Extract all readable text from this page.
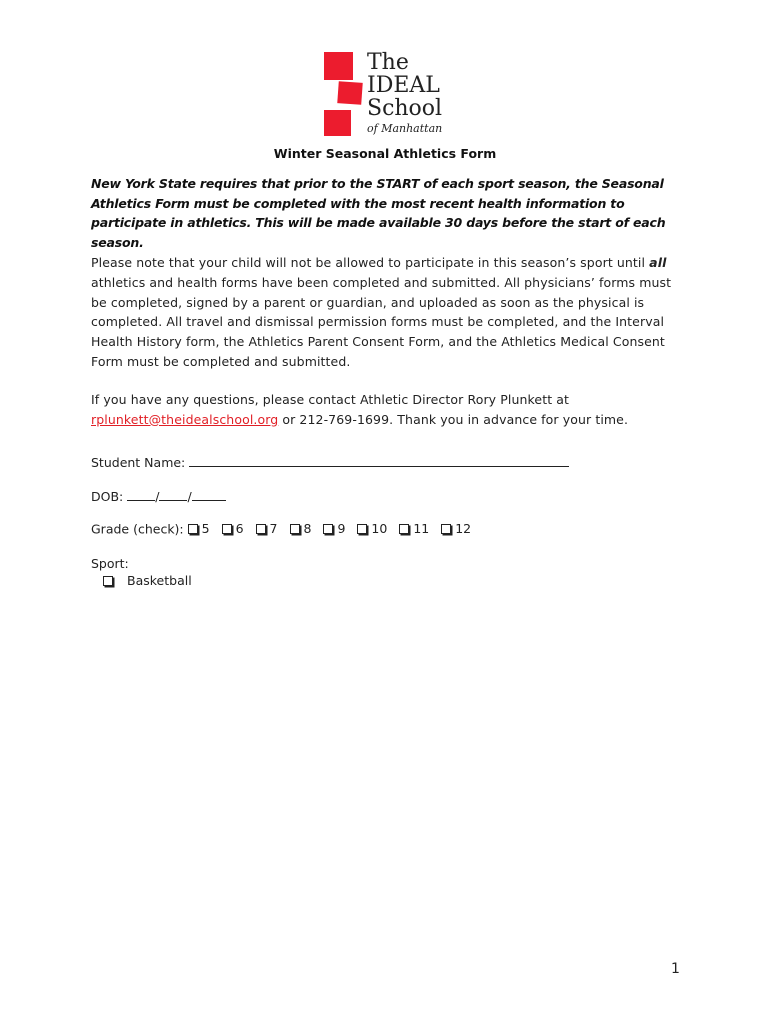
The
IDEAL
School
of Manhattan
Winter Seasonal Athletics Form
New York State requires that prior to the START of each sport season, the Seasonal Athletics Form must be completed with the most recent health information to participate in athletics. This will be made available 30 days before the start of each season.
Please note that your child will not be allowed to participate in this season’s sport until all athletics and health forms have been completed and submitted. All physicians’ forms must be completed, signed by a parent or guardian, and uploaded as soon as the physical is completed. All travel and dismissal permission forms must be completed, and the Interval Health History form, the Athletics Parent Consent Form, and the Athletics Medical Consent Form must be completed and submitted.
If you have any questions, please contact Athletic Director Rory Plunkett at rplunkett@theidealschool.org or 212-769-1699. Thank you in advance for your time.
Student Name:
DOB:	/ /
Grade (check): 5 6 7 8 9 10 11 12
Sport:
Basketball
1
